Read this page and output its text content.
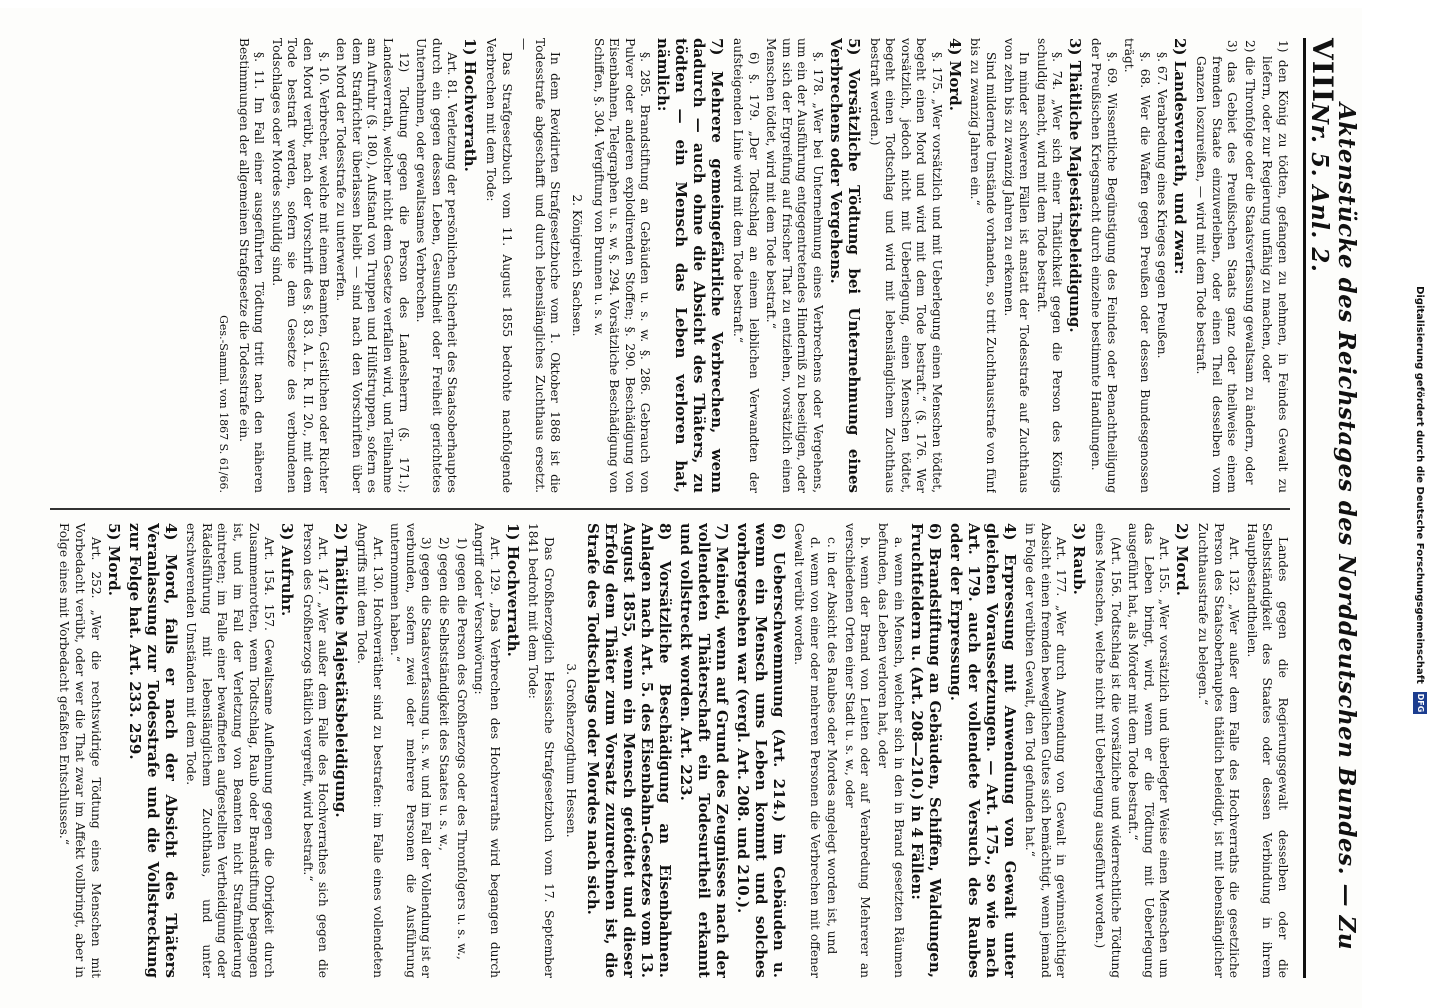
VIII
Aktenstücke des Reichstages des Norddeutschen Bundes. — Zu Nr. 5. Anl. 2.

1) den König zu tödten, gefangen zu nehmen, in Feindes Gewalt zu liefern, oder zur Regierung unfähig zu machen, oder

2) die Thronfolge oder die Staatsverfassung gewaltsam zu ändern, oder

3) das Gebiet des Preußischen Staats ganz oder theilweise einem fremden Staate einzuverleiben, oder einen Theil desselben vom Ganzen loszureißen, — wird mit dem Tode bestraft.

2) Landesverrath, und zwar:

§. 67. Verabredung eines Krieges gegen Preußen.

§. 68. Wer die Waffen gegen Preußen oder dessen Bundesgenossen trägt.

§. 69. Wissentliche Begünstigung des Feindes oder Benachtheiligung der Preußischen Kriegsmacht durch einzelne bestimmte Handlungen.

3) Thätliche Majestätsbeleidigung.

§. 74. „Wer sich einer Thätlichkeit gegen die Person des Königs schuldig macht, wird mit dem Tode bestraft.

In minder schweren Fällen ist anstatt der Todesstrafe auf Zuchthaus von zehn bis zu zwanzig Jahren zu erkennen.

Sind mildernde Umstände vorhanden, so tritt Zuchthausstrafe von fünf bis zu zwanzig Jahren ein.“

4) Mord.

§. 175. „Wer vorsätzlich und mit Ueberlegung einen Menschen tödtet, begeht einen Mord und wird mit dem Tode bestraft.“ (§. 176. Wer vorsätzlich, jedoch nicht mit Ueberlegung, einen Menschen tödtet, begeht einen Todtschlag und wird mit lebenslänglichem Zuchthaus bestraft werden.)

5) Vorsätzliche Tödtung bei Unternehmung eines Verbrechens oder Vergehens.

§. 178. „Wer bei Unternehmung eines Verbrechens oder Vergehens, um ein der Ausführung entgegentretendes Hinderniß zu beseitigen, oder um sich der Ergreifung auf frischer That zu entziehen, vorsätzlich einen Menschen tödtet, wird mit dem Tode bestraft.“

6) §. 179. „Der Todtschlag an einem leiblichen Verwandten der aufsteigenden Linie wird mit dem Tode bestraft.“

7) Mehrere gemeingefährliche Verbrechen, wenn dadurch — auch ohne die Absicht des Thäters, zu tödten — ein Mensch das Leben verloren hat, nämlich:

§. 285. Brandstiftung an Gebäuden u. s. w. §. 286. Gebrauch von Pulver oder anderen explodirenden Stoffen; §. 290. Beschädigung von Eisenbahnen, Telegraphen u. s. w. §. 294. Vorsätzliche Beschädigung von Schiffen, §. 304. Vergiftung von Brunnen u. s. w.

2. Königreich Sachsen.

In dem Revidirten Strafgesetzbuche vom 1. Oktober 1868 ist die Todesstrafe abgeschafft und durch lebenslängliches Zuchthaus ersetzt. —

Das Strafgesetzbuch vom 11. August 1855 bedrohte nachfolgende Verbrechen mit dem Tode:

1) Hochverrath.

Art. 81. Verletzung der persönlichen Sicherheit des Staatsoberhauptes durch ein gegen dessen Leben, Gesundheit oder Freiheit gerichtetes Unternehmen, oder gewaltsames Verbrechen.

12) Todtung gegen die Person des Landesherrn (§. 171.); Landesverrath, welcher nicht dem Gesetze verfallen wird, und Teilnahme am Aufruhr (§. 180.), Aufstand von Truppen und Hülfstruppen, sofern es dem Strafrichter überlassen bleibt — sind nach den Vorschriften über den Mord der Todesstrafe zu unterwerfen.

§. 10. Verbrecher, welche mit einem Beamten, Geistlichen oder Richter den Mord verübt, nach der Vorschrift des §. 83. A. L. R. II. 20., mit dem Tode bestraft werden, sofern sie dem Gesetze des verbundenen Todschlages oder Mordes schuldig sind.

§. 11. Im Fall einer ausgeführten Tödtung tritt nach den näheren Bestimmungen der allgemeinen Strafgesetze die Todesstrafe ein.

Ges.-Samml. von 1867 S. 61/66.

Landes gegen die Regierungsgewalt desselben oder die Selbstständigkeit des Staates oder dessen Verbindung in ihrem Hauptbestandtheilen.

Art. 132. „Wer außer dem Falle des Hochverraths die gesetzliche Person des Staatsoberhauptes thätlich beleidigt, ist mit lebenslänglicher Zuchthausstrafe zu belegen.“

2) Mord.

Art. 155. „Wer vorsätzlich und überlegter Weise einen Menschen um das Leben bringt, wird, wenn er die Tödtung mit Ueberlegung ausgeführt hat, als Mörder mit dem Tode bestraft.“

(Art. 156. Todtschlag ist die vorsätzliche und widerrechtliche Tödtung eines Menschen, welche nicht mit Ueberlegung ausgeführt worden.)

3) Raub.

Art. 177. „Wer durch Anwendung von Gewalt in gewinnsüchtiger Absicht einen fremden beweglichen Gutes sich bemächtigt, wenn jemand in Folge der verübten Gewalt, den Tod gefunden hat.“

4) Erpressung mit Anwendung von Gewalt unter gleichen Voraussetzungen. — Art. 175., so wie nach Art. 179. auch der vollendete Versuch des Raubes oder der Erpressung.
6) Brandstiftung an Gebäuden, Schiffen, Waldungen, Fruchtfeldern u. (Art. 208—210.) in 4 Fällen:

a. wenn ein Mensch, welcher sich in den in Brand gesetzten Räumen befunden, das Leben verloren hat, oder

b. wenn der Brand von Leuten oder auf Verabredung Mehrerer an verschiedenen Orten einer Stadt u. s. w., oder

c. in der Absicht des Raubes oder Mordes angelegt worden ist, und

d. wenn von einer oder mehreren Personen die Verbrechen mit offener Gewalt verübt worden.

6) Ueberschwemmung (Art. 214.) im Gebäuden u. wenn ein Mensch ums Leben kommt und solches vorhergesehen war (vergl. Art. 208. und 210.).
7) Meineid, wenn auf Grund des Zeugnisses nach der vollendeten Thäterschaft ein Todesurtheil erkannt und vollstreckt worden. Art. 223.
8) Vorsätzliche Beschädigung an Eisenbahnen. Anlagen nach Art. 5. des Eisenbahn-Gesetzes vom 13. August 1855, wenn ein Mensch getödtet und dieser Erfolg dem Thäter zum Vorsatz zuzurechnen ist, die Strafe des Todtschlags oder Mordes nach sich.

3. Großherzogthum Hessen.

Das Großherzoglich Hessische Strafgesetzbuch vom 17. September 1841 bedroht mit dem Tode:

1) Hochverrath.

Art. 129. „Das Verbrechen des Hochverraths wird begangen durch Angriff oder Verschwörung:

1) gegen die Person des Großherzogs oder des Thronfolgers u. s. w.,

2) gegen die Selbstständigkeit des Staates u. s. w.,

3) gegen die Staatsverfassung u. s. w. und im Fall der Vollendung ist er verbunden, sofern zwei oder mehrere Personen die Ausführung unternommen haben.“

Art. 130. Hochverräther sind zu bestrafen: im Falle eines vollendeten Angriffs mit dem Tode.

2) Thätliche Majestätsbeleidigung.

Art. 147. „Wer außer dem Falle des Hochverrathes sich gegen die Person des Großherzogs thätlich vergreift, wird bestraft.“

3) Aufruhr.

Art. 154. 157. Gewaltsame Auflehnung gegen die Obrigkeit durch Zusammenrotten, wenn Todtschlag, Raub oder Brandstiftung begangen ist, und im Fall der Verletzung von Beamten nicht Strafmilderung eintreten; im Falle einer bewaffneten aufgestellten Vertheidigung oder Rädelsführung mit lebenslänglichem Zuchthaus, und unter erschwerenden Umständen mit dem Tode.

4) Mord, falls er nach der Absicht des Thäters Veranlassung zur Todesstrafe und die Vollstreckung zur Folge hat. Art. 233. 259.
5) Mord.

Art. 252. „Wer die rechtswidrige Tödtung eines Menschen mit Vorbedacht verübt, oder wer die That zwar im Affekt vollbringt, aber in Folge eines mit Vorbedacht gefaßten Entschlusses.“

Digitalisierung gefördert durch die Deutsche Forschungsgemeinschaft
DFG
